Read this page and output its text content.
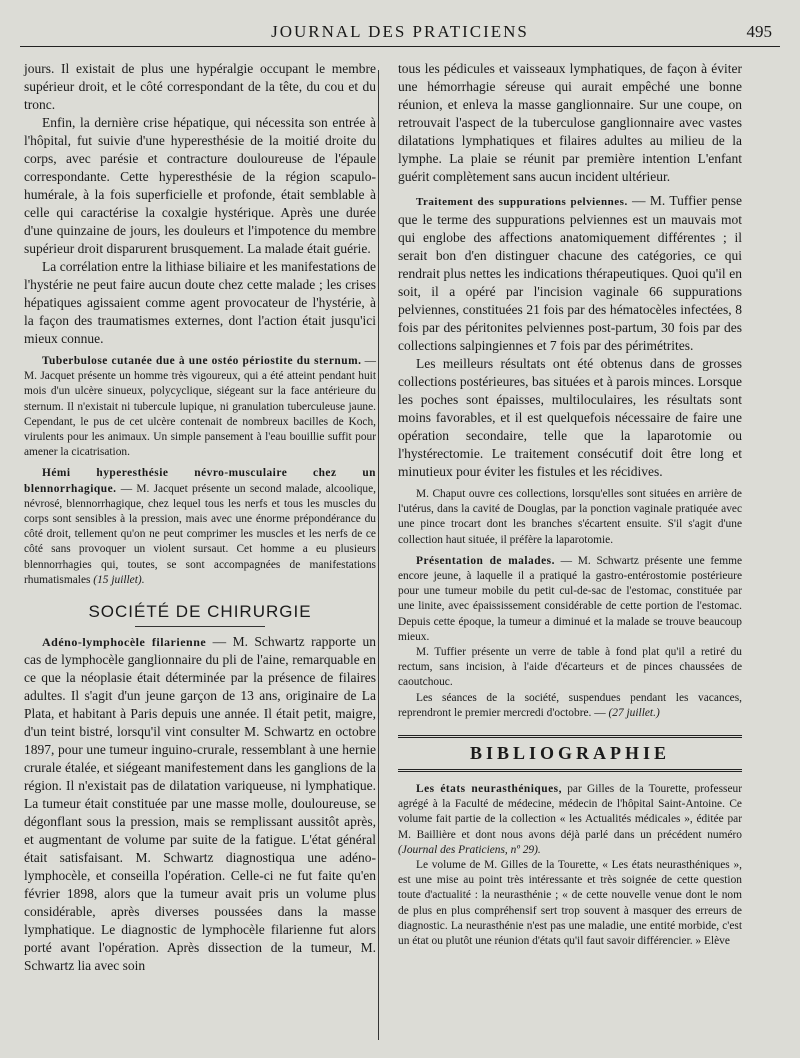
JOURNAL DES PRATICIENS	495

jours. Il existait de plus une hypéralgie occupant le membre supérieur droit, et le côté correspondant de la tête, du cou et du tronc.

Enfin, la dernière crise hépatique, qui nécessita son entrée à l'hôpital, fut suivie d'une hyperesthésie de la moitié droite du corps, avec parésie et contracture douloureuse de l'épaule correspondante. Cette hyperesthésie de la région scapulo-humérale, à la fois superficielle et profonde, était semblable à celle qui caractérise la coxalgie hystérique. Après une durée d'une quinzaine de jours, les douleurs et l'impotence du membre supérieur droit disparurent brusquement. La malade était guérie.

La corrélation entre la lithiase biliaire et les manifestations de l'hystérie ne peut faire aucun doute chez cette malade ; les crises hépatiques agissaient comme agent provocateur de l'hystérie, à la façon des traumatismes externes, dont l'action était jusqu'ici mieux connue.

Tuberbulose cutanée due à une ostéo périostite du sternum. — M. Jacquet présente un homme très vigoureux, qui a été atteint pendant huit mois d'un ulcère sinueux, polycyclique, siégeant sur la face antérieure du sternum. Il n'existait ni tubercule lupique, ni granulation tuberculeuse jaune. Cependant, le pus de cet ulcère contenait de nombreux bacilles de Koch, virulents pour les animaux. Un simple pansement à l'eau bouillie suffit pour amener la cicatrisation.

Hémi hyperesthésie névro-musculaire chez un blennorrhagique. — M. Jacquet présente un second malade, alcoolique, névrosé, blennorrhagique, chez lequel tous les nerfs et tous les muscles du corps sont sensibles à la pression, mais avec une énorme prépondérance du côté droit, tellement qu'on ne peut comprimer les muscles et les nerfs de ce côté sans provoquer un violent sursaut. Cet homme a eu plusieurs blennorrhagies qui, toutes, se sont accompagnées de manifestations rhumatismales (15 juillet).

SOCIÉTÉ DE CHIRURGIE

Adéno-lymphocèle filarienne — M. Schwartz rapporte un cas de lymphocèle ganglionnaire du pli de l'aine, remarquable en ce que la néoplasie était déterminée par la présence de filaires adultes. Il s'agit d'un jeune garçon de 13 ans, originaire de La Plata, et habitant à Paris depuis une année. Il était petit, maigre, d'un teint bistré, lorsqu'il vint consulter M. Schwartz en octobre 1897, pour une tumeur inguino-crurale, ressemblant à une hernie crurale étalée, et siégeant manifestement dans les ganglions de la région. Il n'existait pas de dilatation variqueuse, ni lymphatique. La tumeur était constituée par une masse molle, douloureuse, se dégonflant sous la pression, mais se remplissant aussitôt après, et augmentant de volume par suite de la fatigue. L'état général était satisfaisant. M. Schwartz diagnostiqua une adéno-lymphocèle, et conseilla l'opération. Celle-ci ne fut faite qu'en février 1898, alors que la tumeur avait pris un volume plus considérable, après diverses poussées dans la masse lymphatique. Le diagnostic de lymphocèle filarienne fut alors porté avant l'opération. Après dissection de la tumeur, M. Schwartz lia avec soin

tous les pédicules et vaisseaux lymphatiques, de façon à éviter une hémorrhagie séreuse qui aurait empêché une bonne réunion, et enleva la masse ganglionnaire. Sur une coupe, on retrouvait l'aspect de la tuberculose ganglionnaire avec vastes dilatations lymphatiques et filaires adultes au milieu de la lymphe. La plaie se réunit par première intention L'enfant guérit complètement sans aucun incident ultérieur.

Traitement des suppurations pelviennes. — M. Tuffier pense que le terme des suppurations pelviennes est un mauvais mot qui englobe des affections anatomiquement différentes ; il serait bon d'en distinguer chacune des catégories, ce qui rendrait plus nettes les indications thérapeutiques. Quoi qu'il en soit, il a opéré par l'incision vaginale 66 suppurations pelviennes, constituées 21 fois par des hématocèles infectées, 8 fois par des péritonites pelviennes post-partum, 30 fois par des collections salpingiennes et 7 fois par des périmétrites.

Les meilleurs résultats ont été obtenus dans de grosses collections postérieures, bas situées et à parois minces. Lorsque les poches sont épaisses, multiloculaires, les résultats sont moins favorables, et il est quelquefois nécessaire de faire une opération secondaire, telle que la laparotomie ou l'hystérectomie. Le traitement consécutif doit être long et minutieux pour éviter les fistules et les récidives.

M. Chaput ouvre ces collections, lorsqu'elles sont situées en arrière de l'utérus, dans la cavité de Douglas, par la ponction vaginale pratiquée avec une pince trocart dont les branches s'écartent ensuite. S'il s'agit d'une collection haut située, il préfère la laparotomie.

Présentation de malades. — M. Schwartz présente une femme encore jeune, à laquelle il a pratiqué la gastro-entérostomie postérieure pour une tumeur mobile du petit cul-de-sac de l'estomac, constituée par une linite, avec épaississement considérable de cette portion de l'estomac. Depuis cette époque, la tumeur a diminué et la malade se trouve beaucoup mieux.

M. Tuffier présente un verre de table à fond plat qu'il a retiré du rectum, sans incision, à l'aide d'écarteurs et de pinces chaussées de caoutchouc.

Les séances de la société, suspendues pendant les vacances, reprendront le premier mercredi d'octobre. — (27 juillet.)

BIBLIOGRAPHIE

Les états neurasthéniques, par Gilles de la Tourette, professeur agrégé à la Faculté de médecine, médecin de l'hôpital Saint-Antoine. Ce volume fait partie de la collection « les Actualités médicales », éditée par M. Baillière et dont nous avons déjà parlé dans un précédent numéro (Journal des Praticiens, nº 29).

Le volume de M. Gilles de la Tourette, « Les états neurasthéniques », est une mise au point très intéressante et très soignée de cette question toute d'actualité : la neurasthénie ; « de cette nouvelle venue dont le nom de plus en plus compréhensif sert trop souvent à masquer des erreurs de diagnostic. La neurasthénie n'est pas une maladie, une entité morbide, c'est un état ou plutôt une réunion d'états qu'il faut savoir différencier. » Elève
